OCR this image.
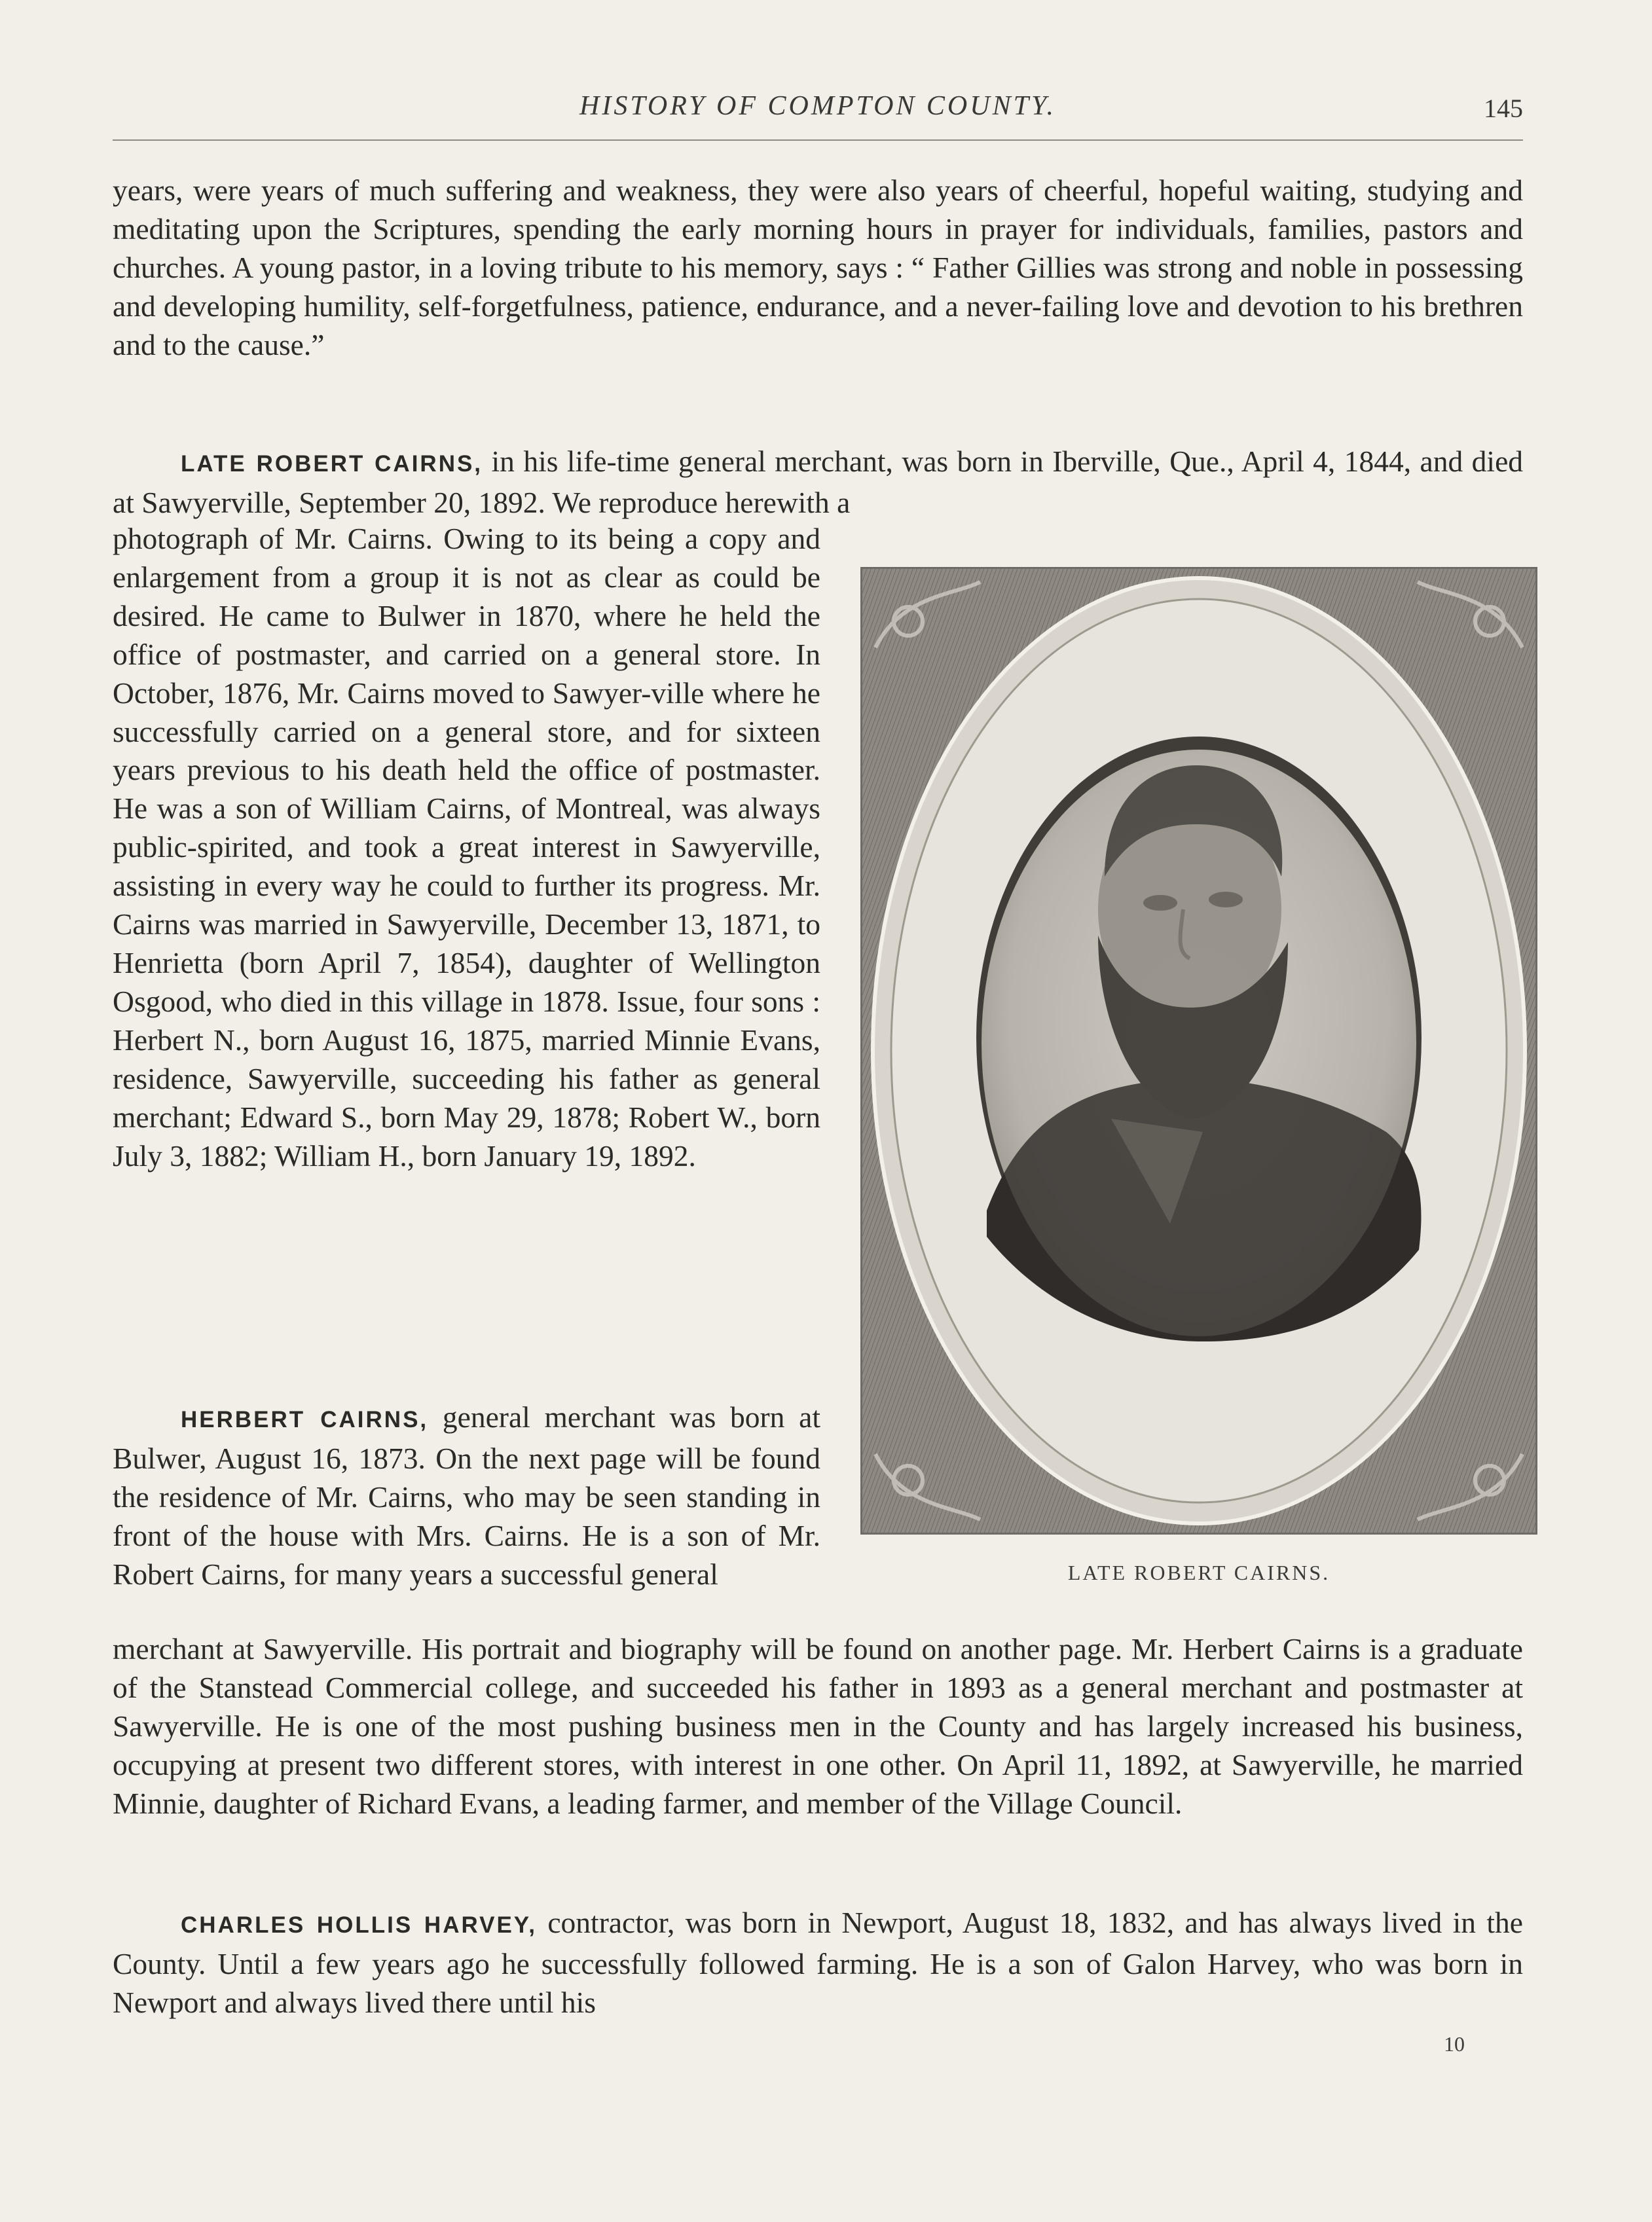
HISTORY OF COMPTON COUNTY.	145

years, were years of much suffering and weakness, they were also years of cheerful, hopeful waiting, studying and meditating upon the Scriptures, spending the early morning hours in prayer for individuals, families, pastors and churches. A young pastor, in a loving tribute to his memory, says : “ Father Gillies was strong and noble in possessing and developing humility, self-forgetfulness, patience, endurance, and a never-failing love and devotion to his brethren and to the cause.”

LATE ROBERT CAIRNS, in his life-time general merchant, was born in Iberville, Que., April 4, 1844, and died at Sawyerville, September 20, 1892. We reproduce herewith a

photograph of Mr. Cairns. Owing to its being a copy and enlargement from a group it is not as clear as could be desired. He came to Bulwer in 1870, where he held the office of postmaster, and carried on a general store. In October, 1876, Mr. Cairns moved to Sawyer-ville where he successfully carried on a general store, and for sixteen years previous to his death held the office of postmaster. He was a son of William Cairns, of Montreal, was always public-spirited, and took a great interest in Sawyerville, assisting in every way he could to further its progress. Mr. Cairns was married in Sawyerville, December 13, 1871, to Henrietta (born April 7, 1854), daughter of Wellington Osgood, who died in this village in 1878. Issue, four sons : Herbert N., born August 16, 1875, married Minnie Evans, residence, Sawyerville, succeeding his father as general merchant; Edward S., born May 29, 1878; Robert W., born July 3, 1882; William H., born January 19, 1892.

HERBERT CAIRNS, general merchant was born at Bulwer, August 16, 1873. On the next page will be found the residence of Mr. Cairns, who may be seen standing in front of the house with Mrs. Cairns. He is a son of Mr. Robert Cairns, for many years a successful general

merchant at Sawyerville. His portrait and biography will be found on another page. Mr. Herbert Cairns is a graduate of the Stanstead Commercial college, and succeeded his father in 1893 as a general merchant and postmaster at Sawyerville. He is one of the most pushing business men in the County and has largely increased his business, occupying at present two different stores, with interest in one other. On April 11, 1892, at Sawyerville, he married Minnie, daughter of Richard Evans, a leading farmer, and member of the Village Council.

CHARLES HOLLIS HARVEY, contractor, was born in Newport, August 18, 1832, and has always lived in the County. Until a few years ago he successfully followed farming. He is a son of Galon Harvey, who was born in Newport and always lived there until his

LATE ROBERT CAIRNS.
10
